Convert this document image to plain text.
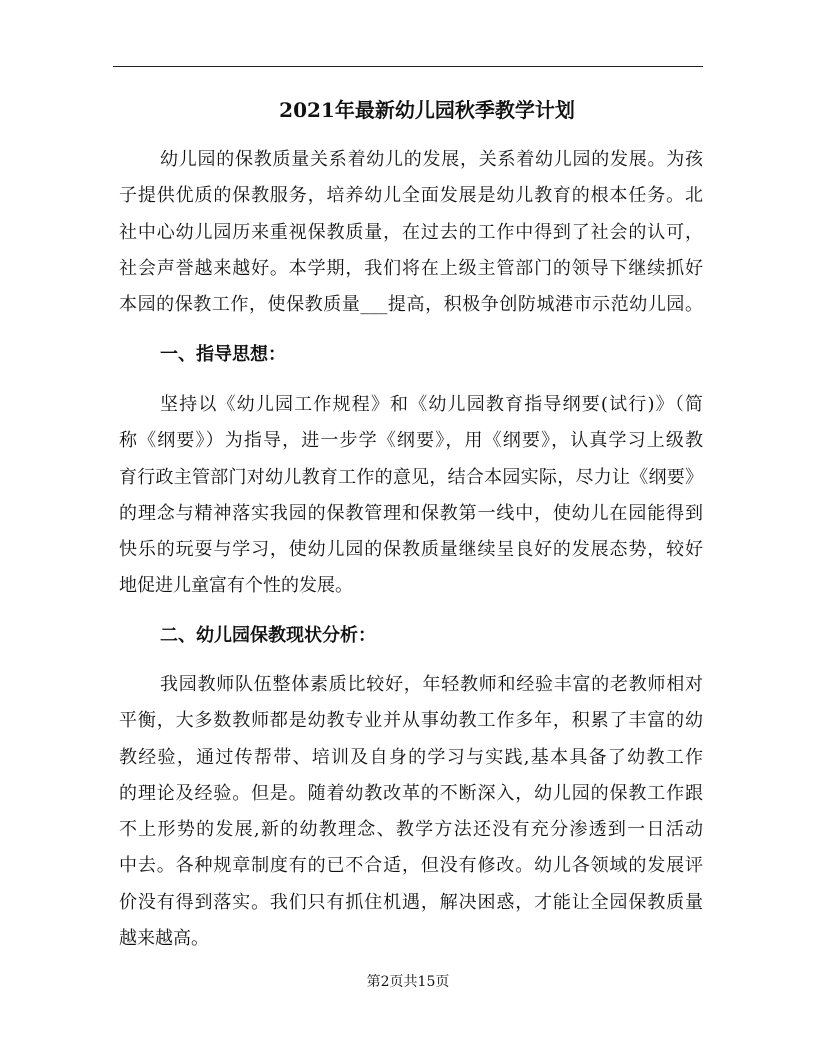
2021年最新幼儿园秋季教学计划
幼儿园的保教质量关系着幼儿的发展，关系着幼儿园的发展。为孩
子提供优质的保教服务，培养幼儿全面发展是幼儿教育的根本任务。北
社中心幼儿园历来重视保教质量，在过去的工作中得到了社会的认可，
社会声誉越来越好。本学期，我们将在上级主管部门的领导下继续抓好
本园的保教工作，使保教质量___提高，积极争创防城港市示范幼儿园。
一、指导思想：
坚持以《幼儿园工作规程》和《幼儿园教育指导纲要(试行)》（简
称《纲要》）为指导，进一步学《纲要》，用《纲要》，认真学习上级教
育行政主管部门对幼儿教育工作的意见，结合本园实际，尽力让《纲要》
的理念与精神落实我园的保教管理和保教第一线中，使幼儿在园能得到
快乐的玩耍与学习，使幼儿园的保教质量继续呈良好的发展态势，较好
地促进儿童富有个性的发展。
二、幼儿园保教现状分析：
我园教师队伍整体素质比较好，年轻教师和经验丰富的老教师相对
平衡，大多数教师都是幼教专业并从事幼教工作多年，积累了丰富的幼
教经验，通过传帮带、培训及自身的学习与实践,基本具备了幼教工作
的理论及经验。但是。随着幼教改革的不断深入，幼儿园的保教工作跟
不上形势的发展,新的幼教理念、教学方法还没有充分渗透到一日活动
中去。各种规章制度有的已不合适，但没有修改。幼儿各领域的发展评
价没有得到落实。我们只有抓住机遇，解决困惑，才能让全园保教质量
越来越高。
第2页共15页
